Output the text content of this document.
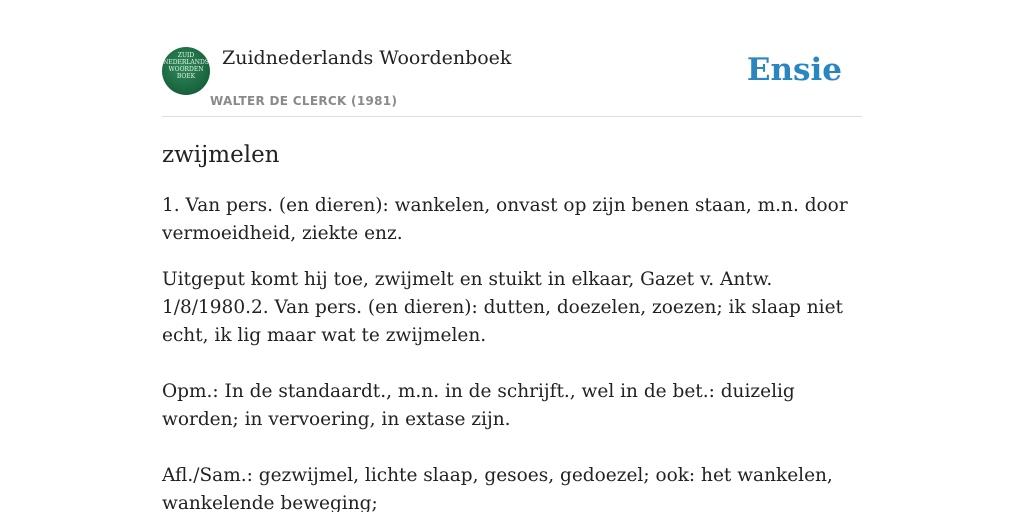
ZUID
NEDERLANDS
WOORDEN
BOEK
Zuidnederlands Woordenboek
WALTER DE CLERCK (1981)
Ensie
zwijmelen

1. Van pers. (en dieren): wankelen, onvast op zijn benen staan, m.n. door vermoeidheid, ziekte enz.

Uitgeput komt hij toe, zwijmelt en stuikt in elkaar, Gazet v. Antw. 1/8/1980.2. Van pers. (en dieren): dutten, doezelen, zoezen; ik slaap niet echt, ik lig maar wat te zwijmelen.

Opm.: In de standaardt., m.n. in de schrijft., wel in de bet.: duizelig worden; in vervoering, in extase zijn.

Afl./Sam.: gezwijmel, lichte slaap, gesoes, gedoezel; ook: het wankelen, wankelende beweging;
